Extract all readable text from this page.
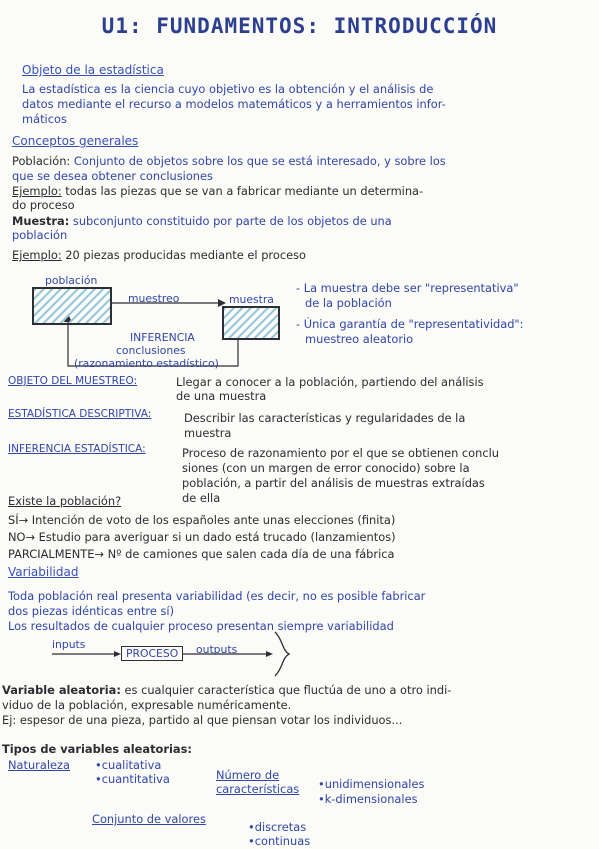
U1: FUNDAMENTOS: INTRODUCCIÓN
Objeto de la estadística
La estadística es la ciencia cuyo objetivo es la obtención y el análisis de
datos mediante el recurso a modelos matemáticos y a herramientos infor-
máticos
Conceptos generales
Población: Conjunto de objetos sobre los que se está interesado, y sobre los
que se desea obtener conclusiones
Ejemplo: todas las piezas que se van a fabricar mediante un determina-
do proceso
Muestra: subconjunto constituido por parte de los objetos de una
población
Ejemplo: 20 piezas producidas mediante el proceso
población
muestreo	muestra
INFERENCIA
conclusiones
(razonamiento estadístico)
- La muestra debe ser "representativa"
de la población
- Única garantía de "representatividad":
muestreo aleatorio
OBJETO DEL MUESTREO:	Llegar a conocer a la población, partiendo del análisis
de una muestra
ESTADÍSTICA DESCRIPTIVA:	Describir las características y regularidades de la
muestra
INFERENCIA ESTADÍSTICA:	Proceso de razonamiento por el que se obtienen conclu
siones (con un margen de error conocido) sobre la
población, a partir del análisis de muestras extraídas
de ella
Existe la población?
SÍ→ Intención de voto de los españoles ante unas elecciones (finita)
NO→ Estudio para averiguar si un dado está trucado (lanzamientos)
PARCIALMENTE→ Nº de camiones que salen cada día de una fábrica
Variabilidad
Toda población real presenta variabilidad (es decir, no es posible fabricar
dos piezas idénticas entre sí)
Los resultados de cualquier proceso presentan siempre variabilidad
inputs
PROCESO	outputs
Variable aleatoria: es cualquier característica que fluctúa de uno a otro indi-
viduo de la población, expresable numéricamente.
Ej: espesor de una pieza, partido al que piensan votar los individuos...
Tipos de variables aleatorias:
Naturaleza •cualitativa
•cuantitativa	Número de
características •unidimensionales
•k-dimensionales
Conjunto de valores
•discretas
•continuas
